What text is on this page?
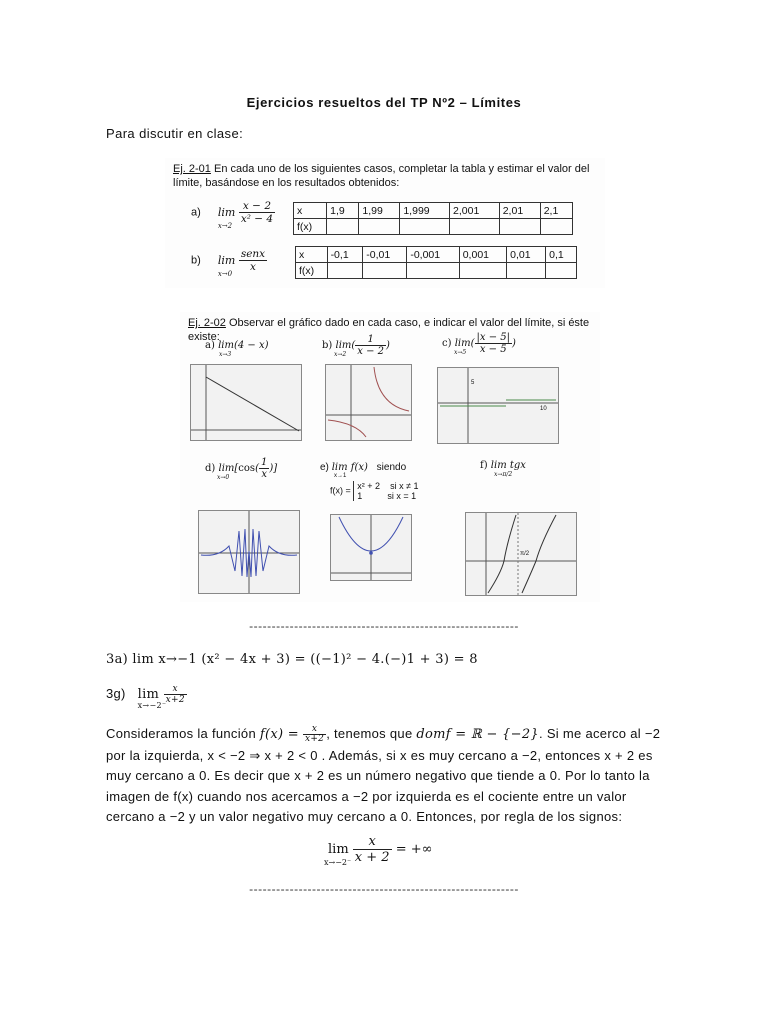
Ejercicios resueltos del TP Nº2 – Límites
Para discutir en clase:
Ej. 2-01 En cada uno de los siguientes casos, completar la tabla y estimar el valor del límite, basándose en los resultados obtenidos:
a) $\lim \frac{x - 2}{\text{x² − 4}}$
x→2
x	1,9	1,99	1,999	2,001	2,01	2,1
f(x)						
b) $\lim \frac{\text{senx}}{x}$
x→0
x	-0,1	-0,01	-0,001	0,001	0,01	0,1
f(x)						
Ej. 2-02 Observar el gráfico dado en cada caso, e indicar el valor del límite, si éste existe:
a) lim(4 − x)
x→3
b) $\lim( \frac{1}{x - 2}$ )
x→2
c) $\lim( \frac{|x - 5|}{x - 5}$ )
x→5
5
10
d) $\lim[\cos( \frac{1}{x}$ )]
x→0
e) lim f(x) siendo
x→1
f(x) = x² + 2 si x ≠ 1
1	si x = 1
f) lim tgx
x→π/2
π/2
------------------------------------------------------------
3a) lim x→−1 (x² − 4x + 3) = ((−1)² − 4.(−)1 + 3) = 8
3g) $\lim \frac{x}{x+2}$
x→−2⁻
Consideramos la función $f(x) = \frac{x}{x+2}$ , tenemos que domf = ℝ − {−2}. Si me acerco al −2 por la izquierda, x < −2 ⇒ x + 2 < 0 . Además, si x es muy cercano a −2, entonces x + 2 es muy cercano a 0. Es decir que x + 2 es un número negativo que tiende a 0. Por lo tanto la imagen de f(x) cuando nos acercamos a −2 por izquierda es el cociente entre un valor cercano a −2 y un valor negativo muy cercano a 0. Entonces, por regla de los signos:
lim
x→−2⁻
$\frac{x}{x + 2}$ = +∞
------------------------------------------------------------
